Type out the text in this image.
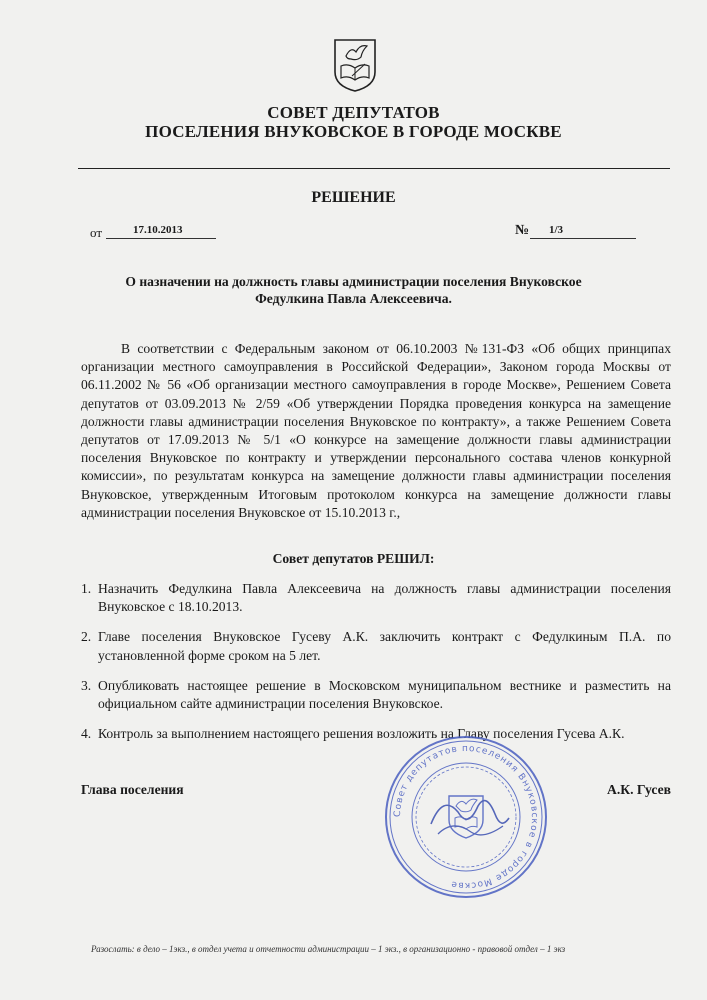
СОВЕТ ДЕПУТАТОВ
ПОСЕЛЕНИЯ ВНУКОВСКОЕ В ГОРОДЕ МОСКВЕ
РЕШЕНИЕ
от	17.10.2013	№ 1/3
О назначении на должность главы администрации поселения Внуковское
Федулкина Павла Алексеевича.
В соответствии с Федеральным законом от 06.10.2003 №131-ФЗ «Об общих принципах организации местного самоуправления в Российской Федерации», Законом города Москвы от 06.11.2002 № 56 «Об организации местного самоуправления в городе Москве», Решением Совета депутатов от 03.09.2013 № 2/59 «Об утверждении Порядка проведения конкурса на замещение должности главы администрации поселения Внуковское по контракту», а также Решением Совета депутатов от 17.09.2013 № 5/1 «О конкурсе на замещение должности главы администрации поселения Внуковское по контракту и утверждении персонального состава членов конкурной комиссии», по результатам конкурса на замещение должности главы администрации поселения Внуковское, утвержденным Итоговым протоколом конкурса на замещение должности главы администрации поселения Внуковское от 15.10.2013 г.,
Совет депутатов РЕШИЛ:
1. Назначить Федулкина Павла Алексеевича на должность главы администрации поселения Внуковское с 18.10.2013.
2. Главе поселения Внуковское Гусеву А.К. заключить контракт с Федулкиным П.А. по установленной форме сроком на 5 лет.
3. Опубликовать настоящее решение в Московском муниципальном вестнике и разместить на официальном сайте администрации поселения Внуковское.
4. Контроль за выполнением настоящего решения возложить на Главу поселения Гусева А.К.
Глава поселения	А.К. Гусев
Совет депутатов поселения Внуковское в городе Москве
Разослать: в дело – 1экз., в отдел учета и отчетности администрации – 1 экз., в организационно - правовой отдел – 1 экз
